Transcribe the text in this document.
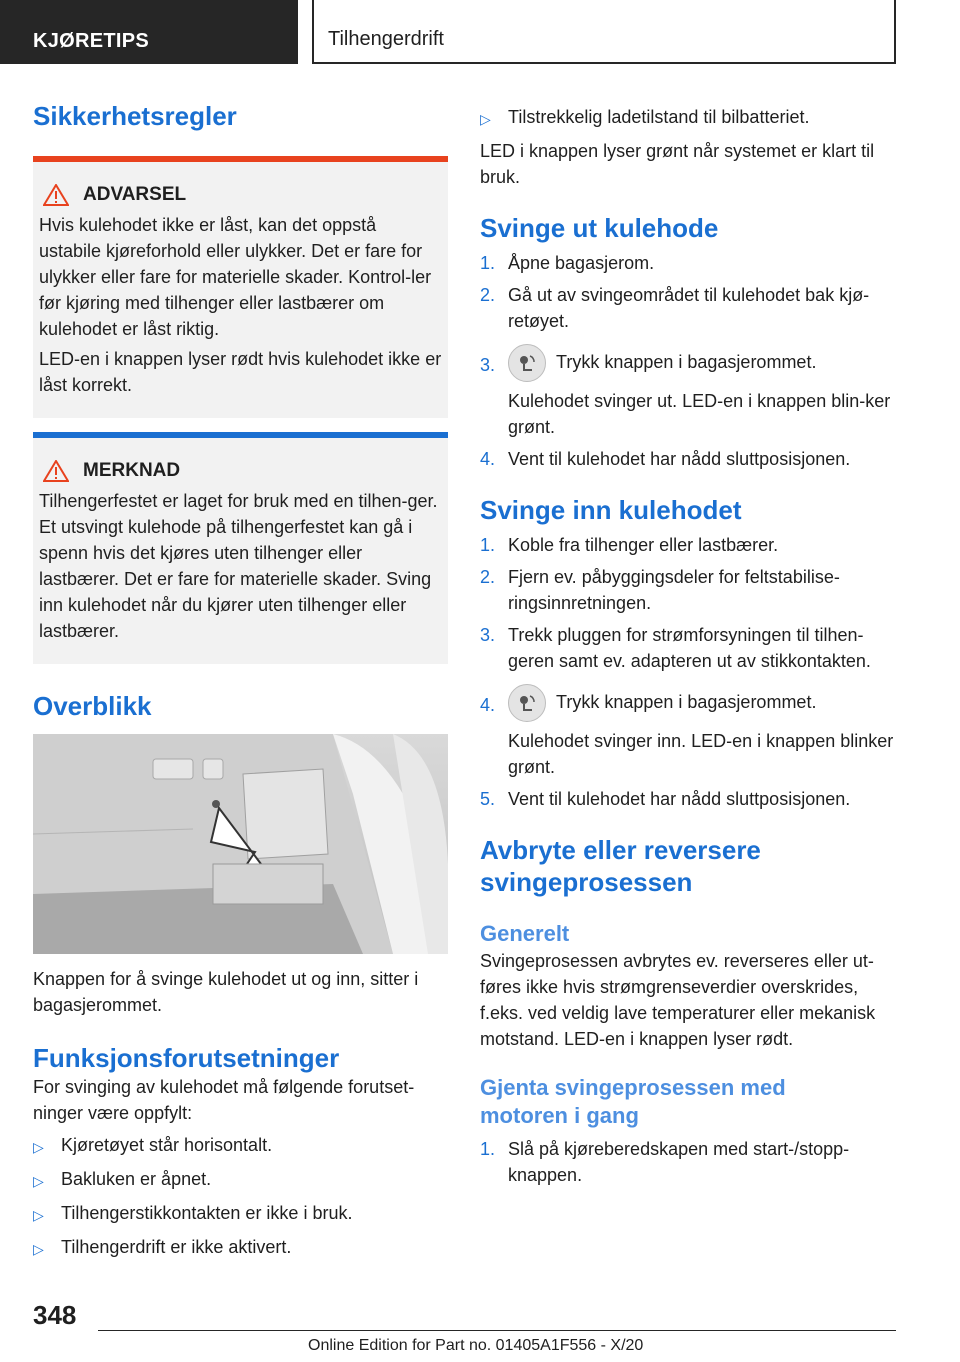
KJØRETIPS	Tilhengerdrift
Sikkerhetsregler
ADVARSEL

Hvis kulehodet ikke er låst, kan det oppstå ustabile kjøreforhold eller ulykker. Det er fare for ulykker eller fare for materielle skader. Kontrol-ler før kjøring med tilhenger eller lastbærer om kulehodet er låst riktig.

LED-en i knappen lyser rødt hvis kulehodet ikke er låst korrekt.

MERKNAD

Tilhengerfestet er laget for bruk med en tilhen-ger. Et utsvingt kulehode på tilhengerfestet kan gå i spenn hvis det kjøres uten tilhenger eller lastbærer. Det er fare for materielle skader. Sving inn kulehodet når du kjører uten tilhenger eller lastbærer.

Overblikk

Knappen for å svinge kulehodet ut og inn, sitter i bagasjerommet.

Funksjonsforutsetninger

For svinging av kulehodet må følgende forutset-ninger være oppfylt:

▷ Kjøretøyet står horisontalt.
▷ Bakluken er åpnet.
▷ Tilhengerstikkontakten er ikke i bruk.
▷ Tilhengerdrift er ikke aktivert.
▷ Tilstrekkelig ladetilstand til bilbatteriet.

LED i knappen lyser grønt når systemet er klart til bruk.

Svinge ut kulehode
1. Åpne bagasjerom.
2. Gå ut av svingeområdet til kulehodet bak kjø-retøyet.
3.	Trykk knappen i bagasjerommet.
Kulehodet svinger ut. LED-en i knappen blin-ker grønt.
4. Vent til kulehodet har nådd sluttposisjonen.
Svinge inn kulehodet
1. Koble fra tilhenger eller lastbærer.
2. Fjern ev. påbyggingsdeler for feltstabilise-ringsinnretningen.
3. Trekk pluggen for strømforsyningen til tilhen-geren samt ev. adapteren ut av stikkontakten.
4.	Trykk knappen i bagasjerommet.
Kulehodet svinger inn. LED-en i knappen blinker grønt.
5. Vent til kulehodet har nådd sluttposisjonen.
Avbryte eller reversere svingeprosessen
Generelt

Svingeprosessen avbrytes ev. reverseres eller ut-føres ikke hvis strømgrenseverdier overskrides, f.eks. ved veldig lave temperaturer eller mekanisk motstand. LED-en i knappen lyser rødt.

Gjenta svingeprosessen med motoren i gang
1. Slå på kjøreberedskapen med start-/stopp-knappen.
348
Online Edition for Part no. 01405A1F556 - X/20
